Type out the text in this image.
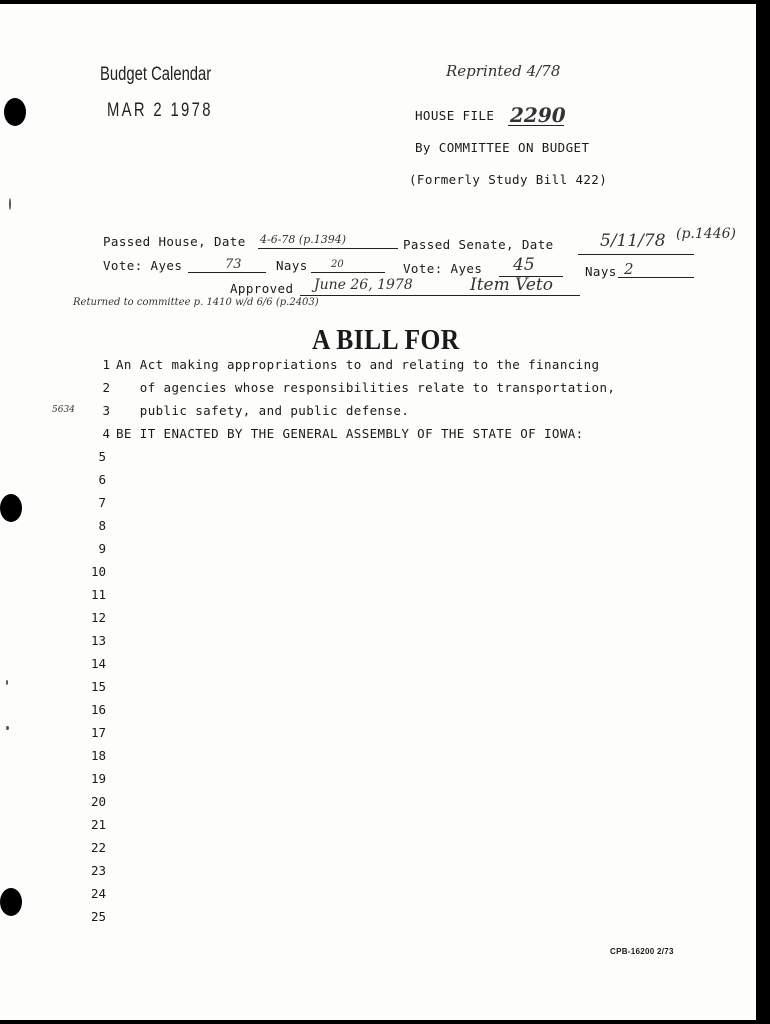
Budget Calendar
MAR 2 1978
Reprinted 4/78
HOUSE FILE 2290
By COMMITTEE ON BUDGET
(Formerly Study Bill 422)
5634
Passed House, Date 4-6-78 (p.1394)	Passed Senate, Date	5/11/78 (p.1446)
Vote: Ayes	73	Nays 20	Vote: Ayes 45	Nays 2
Approved June 26, 1978	Item Veto
Returned to committee p. 1410 w/d 6/6 (p.2403)
A BILL FOR
1 An Act making appropriations to and relating to the financing
2 of agencies whose responsibilities relate to transportation,
3 public safety, and public defense.
4 BE IT ENACTED BY THE GENERAL ASSEMBLY OF THE STATE OF IOWA:
5
6
7
8
9
10
11
12
13
14
15
16
17
18
19
20
21
22
23
24
25
CPB-16200 2/73
